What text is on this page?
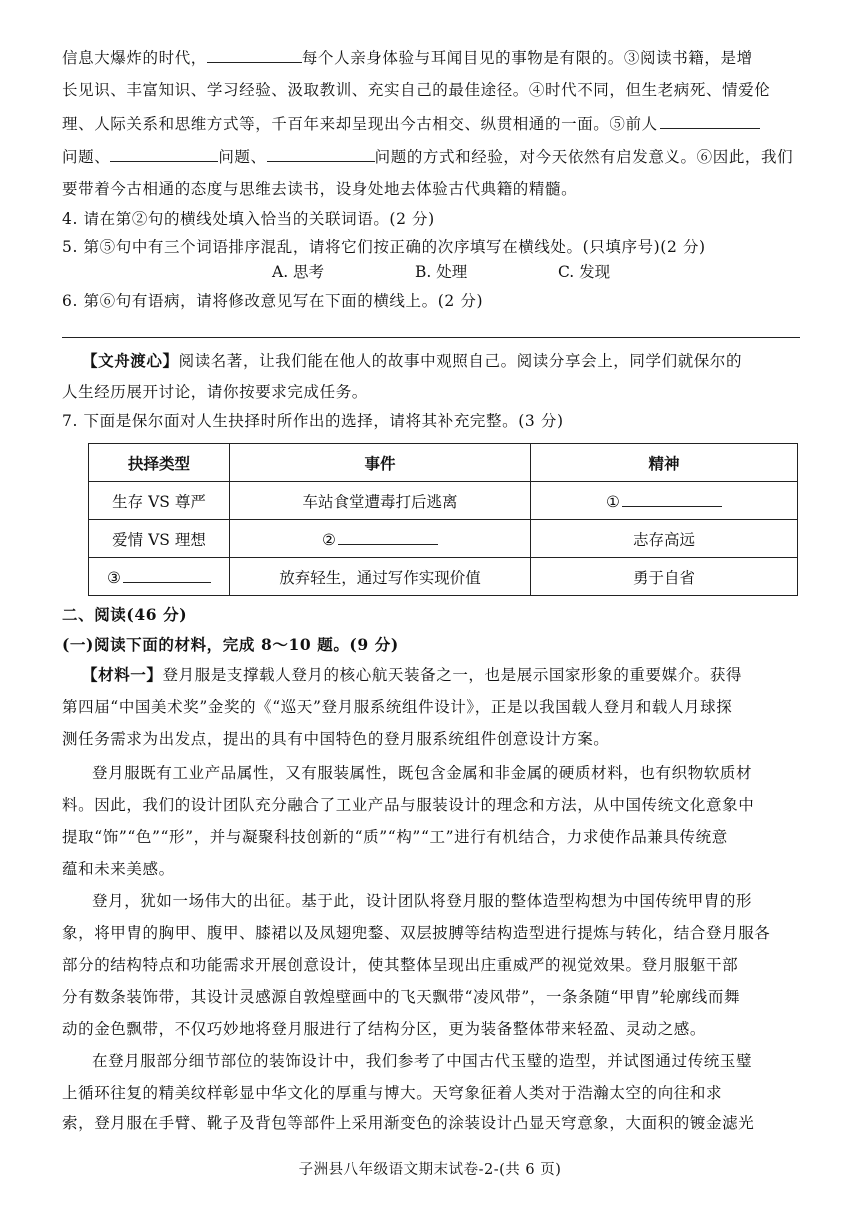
信息大爆炸的时代，	每个人亲身体验与耳闻目见的事物是有限的。③阅读书籍，是增
长见识、丰富知识、学习经验、汲取教训、充实自己的最佳途径。④时代不同，但生老病死、情爱伦
理、人际关系和思维方式等，千百年来却呈现出今古相交、纵贯相通的一面。⑤前人
问题、	问题、	问题的方式和经验，对今天依然有启发意义。⑥因此，我们
要带着今古相通的态度与思维去读书，设身处地去体验古代典籍的精髓。
4. 请在第②句的横线处填入恰当的关联词语。(2 分)
5. 第⑤句中有三个词语排序混乱，请将它们按正确的次序填写在横线处。(只填序号)(2 分)
A. 思考	B. 处理	C. 发现
6. 第⑥句有语病，请将修改意见写在下面的横线上。(2 分)
【文舟渡心】阅读名著，让我们能在他人的故事中观照自己。阅读分享会上，同学们就保尔的
人生经历展开讨论，请你按要求完成任务。
7. 下面是保尔面对人生抉择时所作出的选择，请将其补充完整。(3 分)
抉择类型	事件	精神
生存 VS 尊严	车站食堂遭毒打后逃离	①
爱情 VS 理想	②	志存高远
③	放弃轻生，通过写作实现价值	勇于自省
二、阅读(46 分)
(一)阅读下面的材料，完成 8～10 题。(9 分)
【材料一】登月服是支撑载人登月的核心航天装备之一，也是展示国家形象的重要媒介。获得
第四届“中国美术奖”金奖的《“巡天”登月服系统组件设计》，正是以我国载人登月和载人月球探
测任务需求为出发点，提出的具有中国特色的登月服系统组件创意设计方案。
登月服既有工业产品属性，又有服装属性，既包含金属和非金属的硬质材料，也有织物软质材
料。因此，我们的设计团队充分融合了工业产品与服装设计的理念和方法，从中国传统文化意象中
提取“饰”“色”“形”，并与凝聚科技创新的“质”“构”“工”进行有机结合，力求使作品兼具传统意
蕴和未来美感。
登月，犹如一场伟大的出征。基于此，设计团队将登月服的整体造型构想为中国传统甲胄的形
象，将甲胄的胸甲、腹甲、膝裙以及凤翅兜鍪、双层披膊等结构造型进行提炼与转化，结合登月服各
部分的结构特点和功能需求开展创意设计，使其整体呈现出庄重威严的视觉效果。登月服躯干部
分有数条装饰带，其设计灵感源自敦煌壁画中的飞天飘带“凌风带”，一条条随“甲胄”轮廓线而舞
动的金色飘带，不仅巧妙地将登月服进行了结构分区，更为装备整体带来轻盈、灵动之感。
在登月服部分细节部位的装饰设计中，我们参考了中国古代玉璧的造型，并试图通过传统玉璧
上循环往复的精美纹样彰显中华文化的厚重与博大。天穹象征着人类对于浩瀚太空的向往和求
索，登月服在手臂、靴子及背包等部件上采用渐变色的涂装设计凸显天穹意象，大面积的镀金滤光
子洲县八年级语文期末试卷-2-(共 6 页)
